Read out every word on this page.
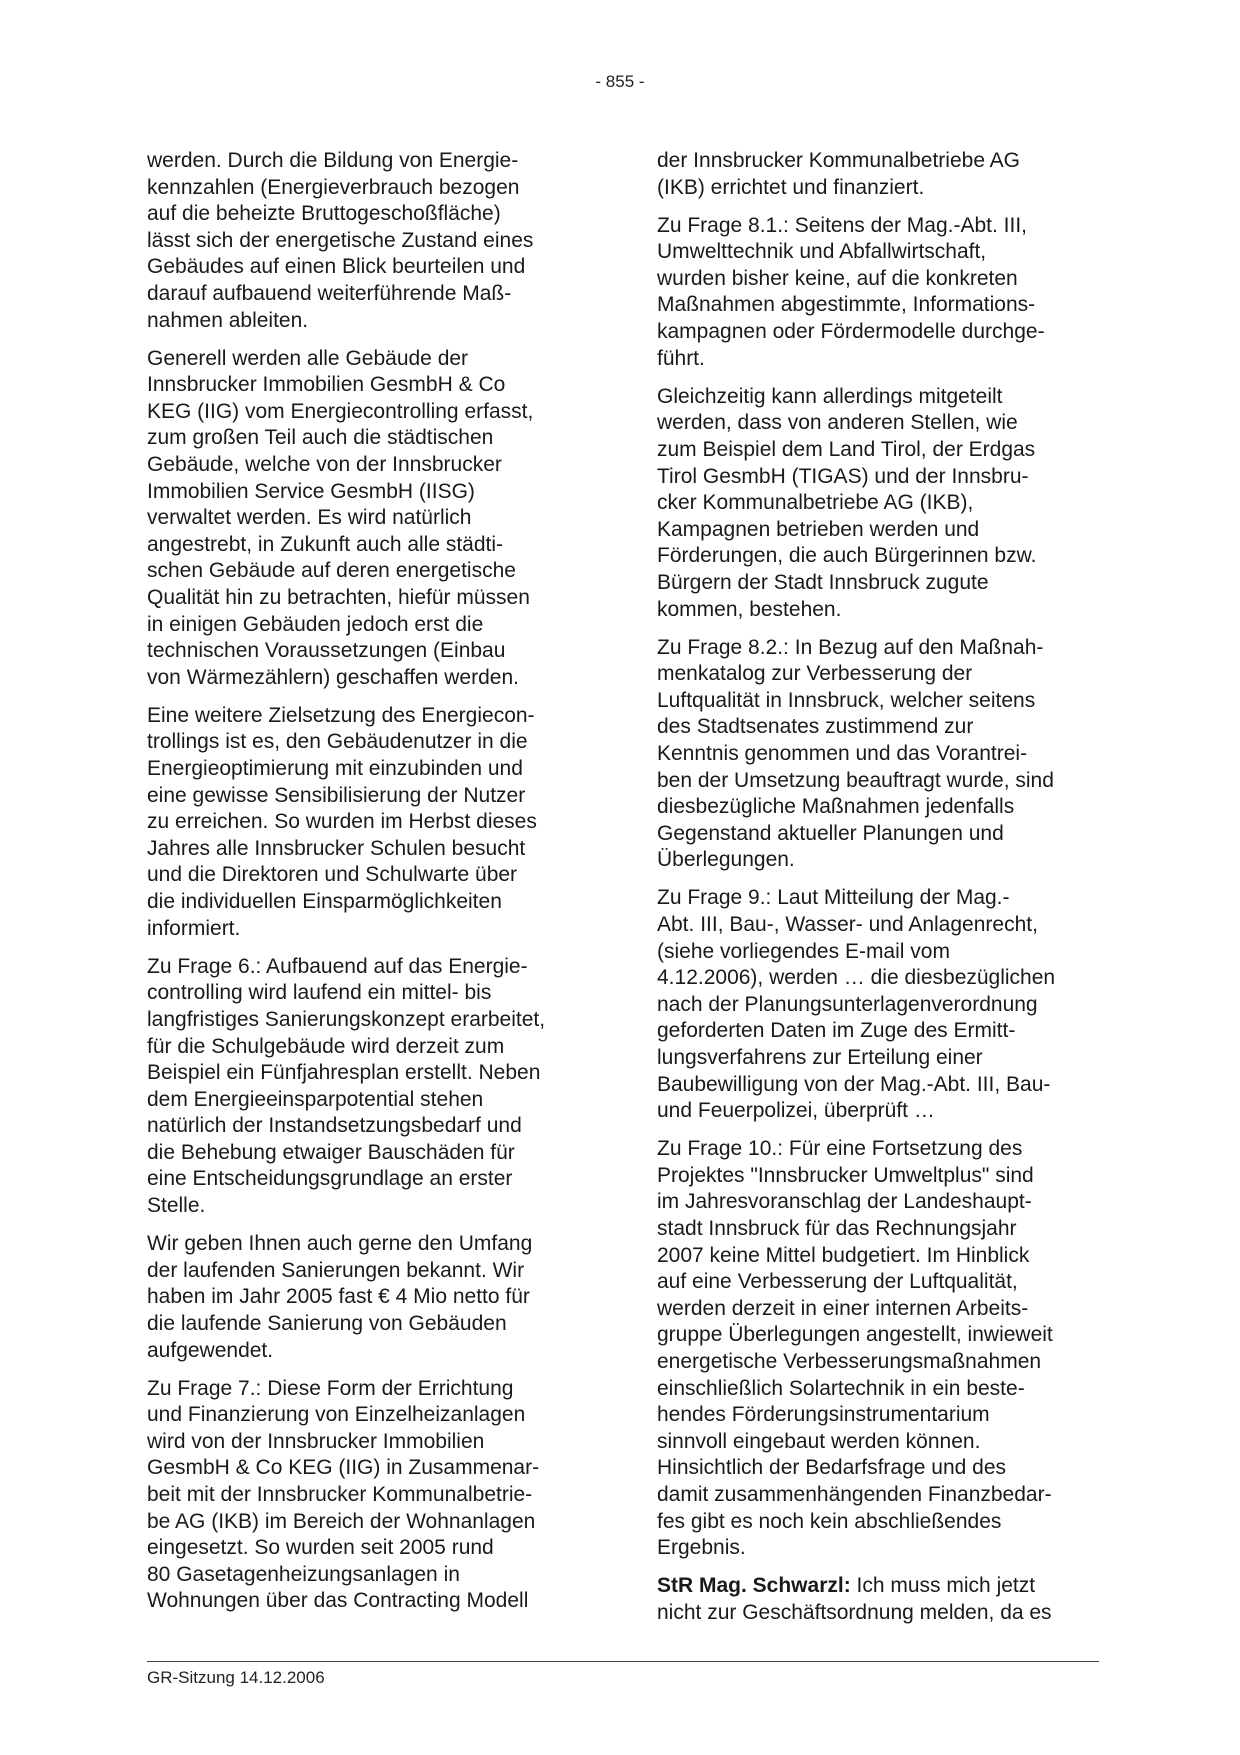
- 855 -

werden. Durch die Bildung von Energie-
kennzahlen (Energieverbrauch bezogen
auf die beheizte Bruttogeschoßfläche)
lässt sich der energetische Zustand eines
Gebäudes auf einen Blick beurteilen und
darauf aufbauend weiterführende Maß-
nahmen ableiten.

Generell werden alle Gebäude der
Innsbrucker Immobilien GesmbH & Co
KEG (IIG) vom Energiecontrolling erfasst,
zum großen Teil auch die städtischen
Gebäude, welche von der Innsbrucker
Immobilien Service GesmbH (IISG)
verwaltet werden. Es wird natürlich
angestrebt, in Zukunft auch alle städti-
schen Gebäude auf deren energetische
Qualität hin zu betrachten, hiefür müssen
in einigen Gebäuden jedoch erst die
technischen Voraussetzungen (Einbau
von Wärmezählern) geschaffen werden.

Eine weitere Zielsetzung des Energiecon-
trollings ist es, den Gebäudenutzer in die
Energieoptimierung mit einzubinden und
eine gewisse Sensibilisierung der Nutzer
zu erreichen. So wurden im Herbst dieses
Jahres alle Innsbrucker Schulen besucht
und die Direktoren und Schulwarte über
die individuellen Einsparmöglichkeiten
informiert.

Zu Frage 6.: Aufbauend auf das Energie-
controlling wird laufend ein mittel- bis
langfristiges Sanierungskonzept erarbeitet,
für die Schulgebäude wird derzeit zum
Beispiel ein Fünfjahresplan erstellt. Neben
dem Energieeinsparpotential stehen
natürlich der Instandsetzungsbedarf und
die Behebung etwaiger Bauschäden für
eine Entscheidungsgrundlage an erster
Stelle.

Wir geben Ihnen auch gerne den Umfang
der laufenden Sanierungen bekannt. Wir
haben im Jahr 2005 fast € 4 Mio netto für
die laufende Sanierung von Gebäuden
aufgewendet.

Zu Frage 7.: Diese Form der Errichtung
und Finanzierung von Einzelheizanlagen
wird von der Innsbrucker Immobilien
GesmbH & Co KEG (IIG) in Zusammenar-
beit mit der Innsbrucker Kommunalbetrie-
be AG (IKB) im Bereich der Wohnanlagen
eingesetzt. So wurden seit 2005 rund
80 Gasetagenheizungsanlagen in
Wohnungen über das Contracting Modell

der Innsbrucker Kommunalbetriebe AG
(IKB) errichtet und finanziert.

Zu Frage 8.1.: Seitens der Mag.-Abt. III,
Umwelttechnik und Abfallwirtschaft,
wurden bisher keine, auf die konkreten
Maßnahmen abgestimmte, Informations-
kampagnen oder Fördermodelle durchge-
führt.

Gleichzeitig kann allerdings mitgeteilt
werden, dass von anderen Stellen, wie
zum Beispiel dem Land Tirol, der Erdgas
Tirol GesmbH (TIGAS) und der Innsbru-
cker Kommunalbetriebe AG (IKB),
Kampagnen betrieben werden und
Förderungen, die auch Bürgerinnen bzw.
Bürgern der Stadt Innsbruck zugute
kommen, bestehen.

Zu Frage 8.2.: In Bezug auf den Maßnah-
menkatalog zur Verbesserung der
Luftqualität in Innsbruck, welcher seitens
des Stadtsenates zustimmend zur
Kenntnis genommen und das Vorantrei-
ben der Umsetzung beauftragt wurde, sind
diesbezügliche Maßnahmen jedenfalls
Gegenstand aktueller Planungen und
Überlegungen.

Zu Frage 9.: Laut Mitteilung der Mag.-
Abt. III, Bau-, Wasser- und Anlagenrecht,
(siehe vorliegendes E-mail vom
4.12.2006), werden … die diesbezüglichen
nach der Planungsunterlagenverordnung
geforderten Daten im Zuge des Ermitt-
lungsverfahrens zur Erteilung einer
Baubewilligung von der Mag.-Abt. III, Bau-
und Feuerpolizei, überprüft …

Zu Frage 10.: Für eine Fortsetzung des
Projektes "Innsbrucker Umweltplus" sind
im Jahresvoranschlag der Landeshaupt-
stadt Innsbruck für das Rechnungsjahr
2007 keine Mittel budgetiert. Im Hinblick
auf eine Verbesserung der Luftqualität,
werden derzeit in einer internen Arbeits-
gruppe Überlegungen angestellt, inwieweit
energetische Verbesserungsmaßnahmen
einschließlich Solartechnik in ein beste-
hendes Förderungsinstrumentarium
sinnvoll eingebaut werden können.
Hinsichtlich der Bedarfsfrage und des
damit zusammenhängenden Finanzbedar-
fes gibt es noch kein abschließendes
Ergebnis.

StR Mag. Schwarzl: Ich muss mich jetzt
nicht zur Geschäftsordnung melden, da es

GR-Sitzung 14.12.2006
